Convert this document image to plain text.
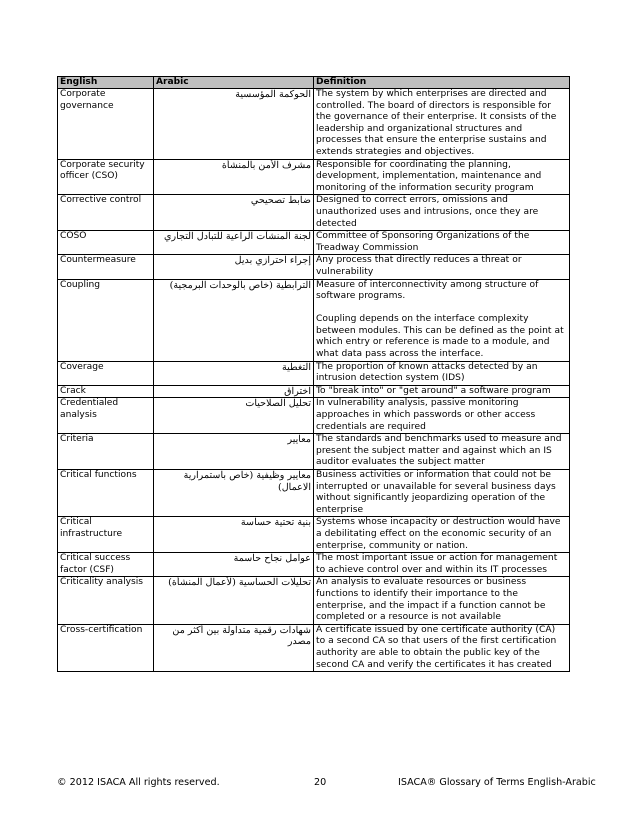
English	Arabic	Definition
Corporate governance	الحوكمة المؤسسية	The system by which enterprises are directed and controlled. The board of directors is responsible for the governance of their enterprise. It consists of the leadership and organizational structures and processes that ensure the enterprise sustains and extends strategies and objectives.
Corporate security officer (CSO)	مشرف الأمن بالمنشأة	Responsible for coordinating the planning, development, implementation, maintenance and monitoring of the information security program
Corrective control	ضابط تصحيحي	Designed to correct errors, omissions and unauthorized uses and intrusions, once they are detected
COSO	لجنة المنشآت الراعية للتبادل التجاري	Committee of Sponsoring Organizations of the Treadway Commission
Countermeasure	إجراء احترازي بديل	Any process that directly reduces a threat or vulnerability
Coupling	الترابطية (خاص بالوحدات البرمجية)	Measure of interconnectivity among structure of software programs.

Coupling depends on the interface complexity between modules. This can be defined as the point at which entry or reference is made to a module, and what data pass across the interface.
Coverage	التغطية	The proportion of known attacks detected by an intrusion detection system (IDS)
Crack	اختراق	To "break into" or "get around" a software program
Credentialed analysis	تحليل الصلاحيات	In vulnerability analysis, passive monitoring approaches in which passwords or other access credentials are required
Criteria	معايير	The standards and benchmarks used to measure and present the subject matter and against which an IS auditor evaluates the subject matter
Critical functions	معايير وظيفية (خاص باستمرارية الاعمال)	Business activities or information that could not be interrupted or unavailable for several business days without significantly jeopardizing operation of the enterprise
Critical infrastructure	بنية تحتية حساسة	Systems whose incapacity or destruction would have a debilitating effect on the economic security of an enterprise, community or nation.
Critical success factor (CSF)	عوامل نجاح حاسمة	The most important issue or action for management to achieve control over and within its IT processes
Criticality analysis	تحليلات الحساسية (لأعمال المنشأة)	An analysis to evaluate resources or business functions to identify their importance to the enterprise, and the impact if a function cannot be completed or a resource is not available
Cross-certification	شهادات رقمية متداولة بين أكثر من مصدر	A certificate issued by one certificate authority (CA) to a second CA so that users of the first certification authority are able to obtain the public key of the second CA and verify the certificates it has created
© 2012 ISACA All rights reserved.	20	ISACA® Glossary of Terms English-Arabic
